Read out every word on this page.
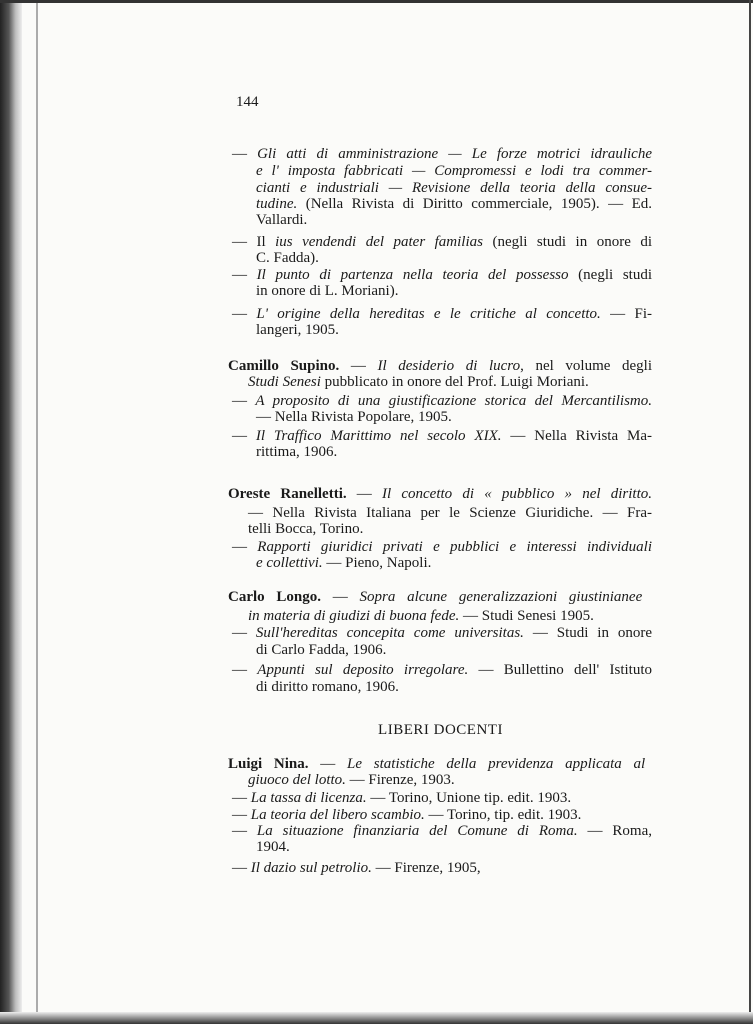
144
LIBERI DOCENTI
— Gli atti di amministrazione — Le forze motrici idrauliche
e l' imposta fabbricati — Compromessi e lodi tra commer-
cianti e industriali — Revisione della teoria della consue-
tudine. (Nella Rivista di Diritto commerciale, 1905). — Ed.
Vallardi.
— Il ius vendendi del pater familias (negli studi in onore di
C. Fadda).
— Il punto di partenza nella teoria del possesso (negli studi
in onore di L. Moriani).
— L' origine della hereditas e le critiche al concetto. — Fi-
langeri, 1905.
Camillo Supino. — Il desiderio di lucro, nel volume degli
Studi Senesi pubblicato in onore del Prof. Luigi Moriani.
— A proposito di una giustificazione storica del Mercantilismo.
— Nella Rivista Popolare, 1905.
— Il Traffico Marittimo nel secolo XIX. — Nella Rivista Ma-
rittima, 1906.
Oreste Ranelletti. — Il concetto di « pubblico » nel diritto.
— Nella Rivista Italiana per le Scienze Giuridiche. — Fra-
telli Bocca, Torino.
— Rapporti giuridici privati e pubblici e interessi individuali
e collettivi. — Pieno, Napoli.
Carlo Longo. — Sopra alcune generalizzazioni giustinianee
in materia di giudizi di buona fede. — Studi Senesi 1905.
— Sull'hereditas concepita come universitas. — Studi in onore
di Carlo Fadda, 1906.
— Appunti sul deposito irregolare. — Bullettino dell' Istituto
di diritto romano, 1906.
Luigi Nina. — Le statistiche della previdenza applicata al
giuoco del lotto. — Firenze, 1903.
— La tassa di licenza. — Torino, Unione tip. edit. 1903.
— La teoria del libero scambio. — Torino, tip. edit. 1903.
— La situazione finanziaria del Comune di Roma. — Roma,
1904.
— Il dazio sul petrolio. — Firenze, 1905,
